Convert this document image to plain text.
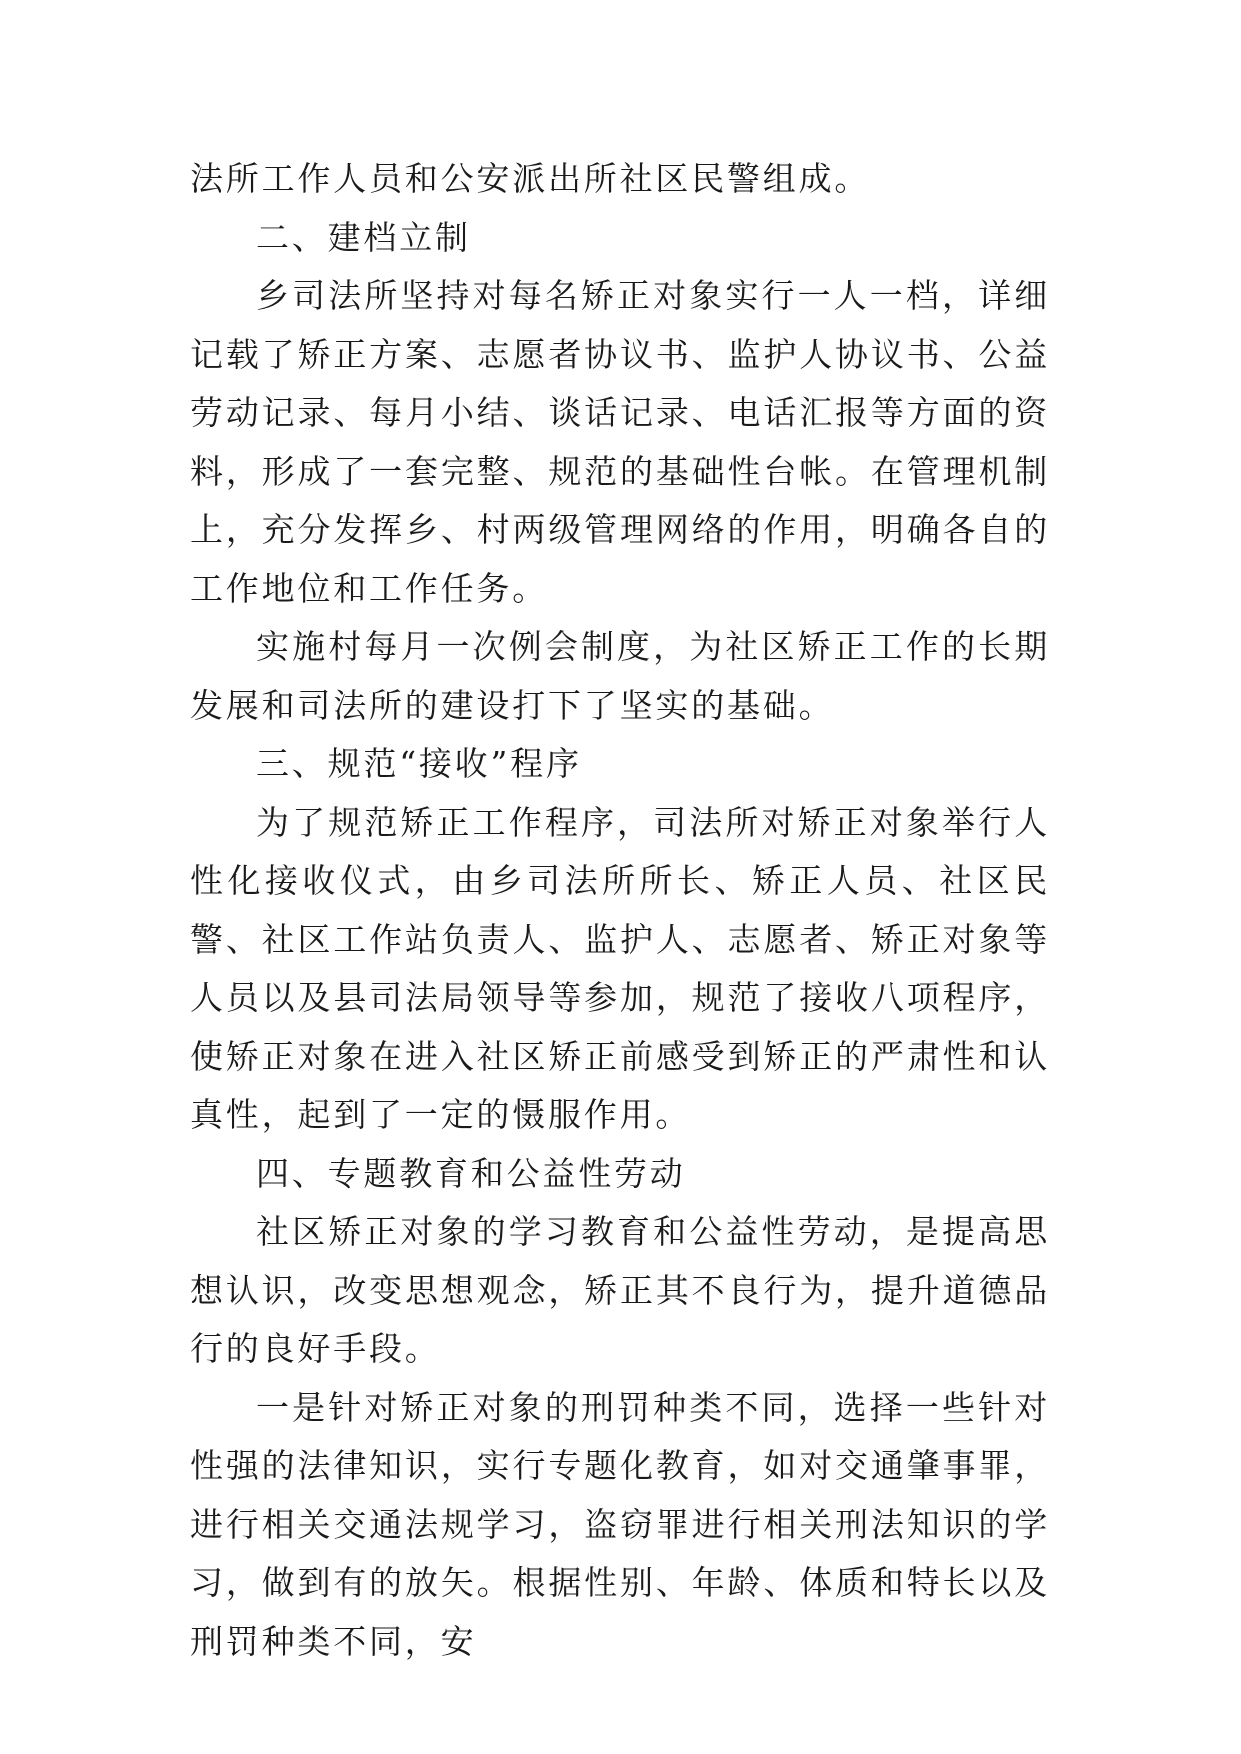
法所工作人员和公安派出所社区民警组成。

二、建档立制

乡司法所坚持对每名矫正对象实行一人一档，详细记载了矫正方案、志愿者协议书、监护人协议书、公益劳动记录、每月小结、谈话记录、电话汇报等方面的资料，形成了一套完整、规范的基础性台帐。在管理机制上，充分发挥乡、村两级管理网络的作用，明确各自的工作地位和工作任务。

实施村每月一次例会制度，为社区矫正工作的长期发展和司法所的建设打下了坚实的基础。

三、规范“接收”程序

为了规范矫正工作程序，司法所对矫正对象举行人性化接收仪式，由乡司法所所长、矫正人员、社区民警、社区工作站负责人、监护人、志愿者、矫正对象等人员以及县司法局领导等参加，规范了接收八项程序，使矫正对象在进入社区矫正前感受到矫正的严肃性和认真性，起到了一定的慑服作用。

四、专题教育和公益性劳动

社区矫正对象的学习教育和公益性劳动，是提高思想认识，改变思想观念，矫正其不良行为，提升道德品行的良好手段。

一是针对矫正对象的刑罚种类不同，选择一些针对性强的法律知识，实行专题化教育，如对交通肇事罪，进行相关交通法规学习，盗窃罪进行相关刑法知识的学习，做到有的放矢。根据性别、年龄、体质和特长以及刑罚种类不同，安
